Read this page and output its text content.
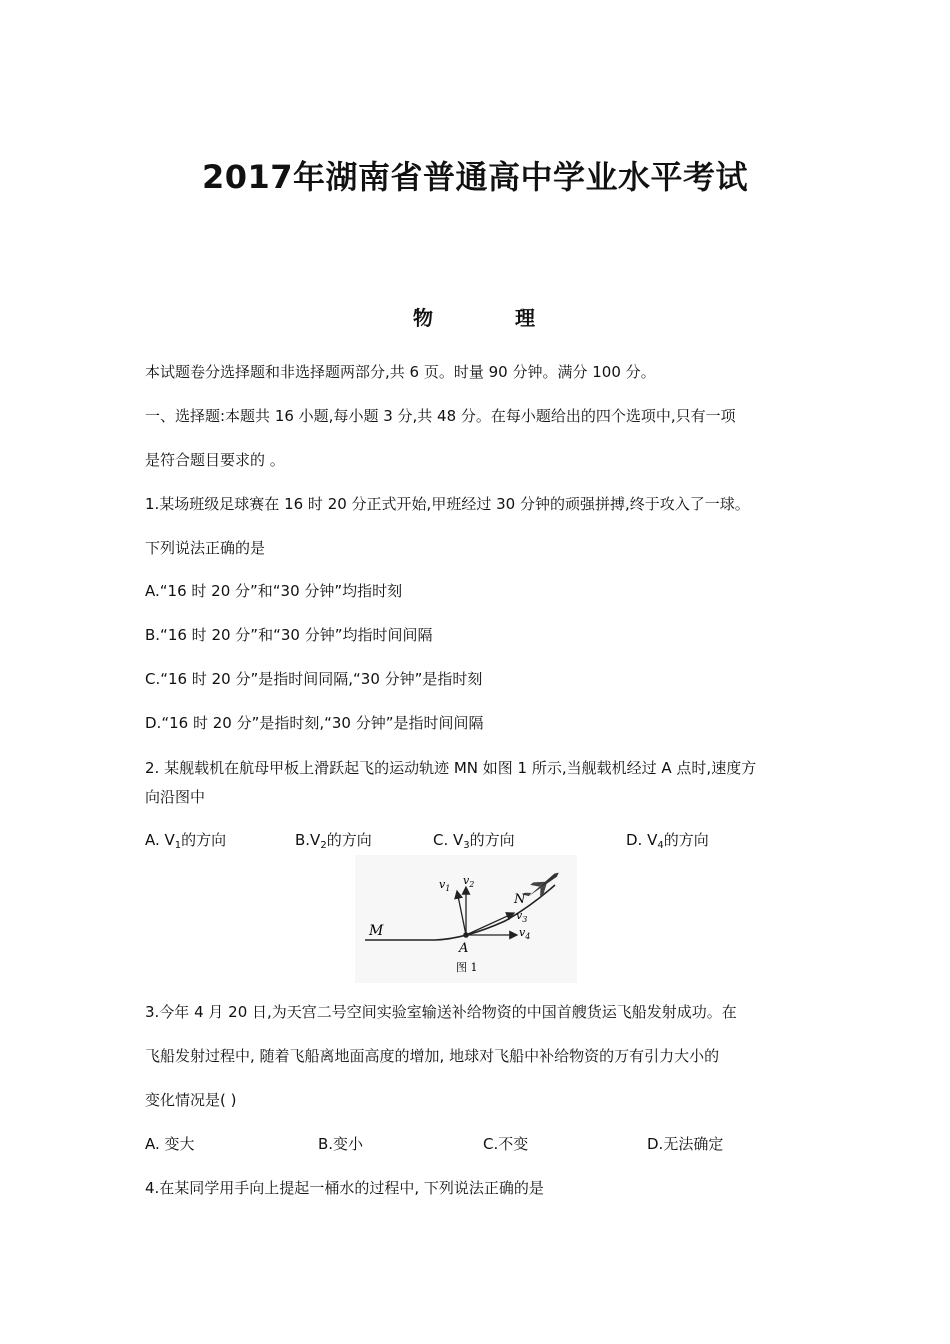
2017年湖南省普通高中学业水平考试
物	理
本试题卷分选择题和非选择题两部分,共 6 页。时量 90 分钟。满分 100 分。
一、选择题:本题共 16 小题,每小题 3 分,共 48 分。在每小题给出的四个选项中,只有一项
是符合题目要求的 。
1.某场班级足球赛在 16 时 20 分正式开始,甲班经过 30 分钟的顽强拼搏,终于攻入了一球。
下列说法正确的是
A.“16 时 20 分”和“30 分钟”均指时刻
B.“16 时 20 分”和“30 分钟”均指时间间隔
C.“16 时 20 分”是指时间同隔,“30 分钟”是指时刻
D.“16 时 20 分”是指时刻,“30 分钟”是指时间间隔
2. 某舰载机在航母甲板上滑跃起飞的运动轨迹 MN 如图 1 所示,当舰载机经过 A 点时,速度方
向沿图中
A. $V_1$的方向	$B.V_2$的方向	C. $V_3$的方向	D. $V_4$的方向
M
A
N
$v_1$
$v_2$
$v_3$
$v_4$
图 1
3.今年 4 月 20 日,为天宫二号空间实验室输送补给物资的中国首艘货运飞船发射成功。在
飞船发射过程中, 随着飞船离地面高度的增加, 地球对飞船中补给物资的万有引力大小的
变化情况是( )
A. 变大	B.变小	C.不变	D.无法确定
4.在某同学用手向上提起一桶水的过程中, 下列说法正确的是
